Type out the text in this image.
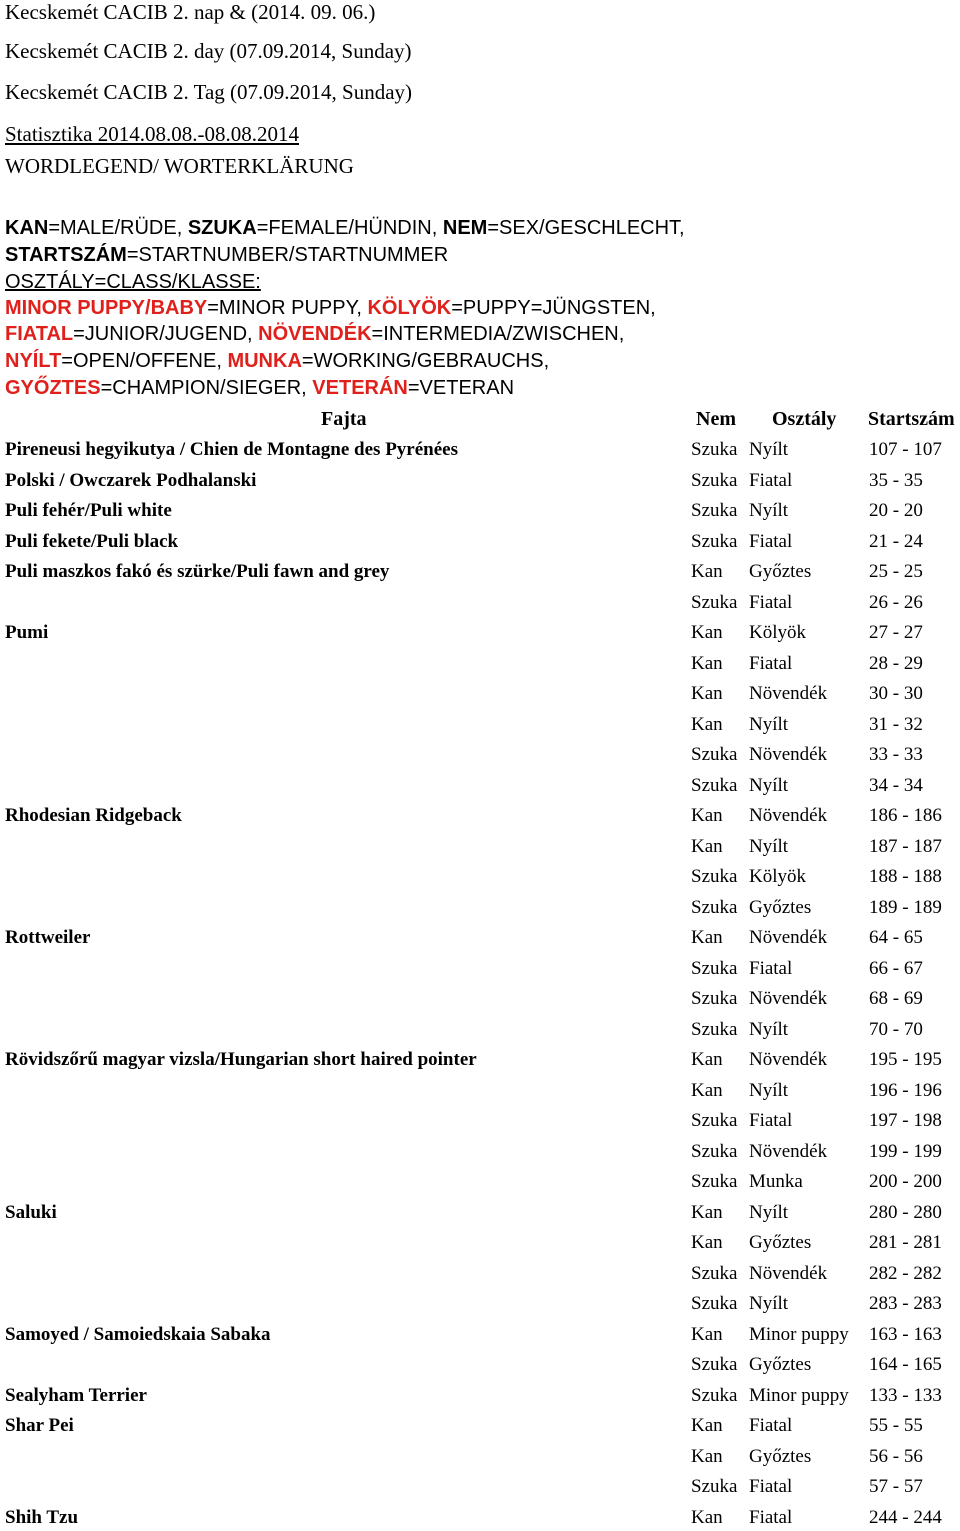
Kecskemét CACIB 2. nap & (2014. 09. 06.)
Kecskemét CACIB 2. day (07.09.2014, Sunday)
Kecskemét CACIB 2. Tag (07.09.2014, Sunday)
Statisztika 2014.08.08.-08.08.2014
WORDLEGEND/ WORTERKLÄRUNG
KAN=MALE/RÜDE, SZUKA=FEMALE/HÜNDIN, NEM=SEX/GESCHLECHT,
STARTSZÁM=STARTNUMBER/STARTNUMMER
OSZTÁLY=CLASS/KLASSE:
MINOR PUPPY/BABY=MINOR PUPPY, KÖLYÖK=PUPPY=JÜNGSTEN,
FIATAL=JUNIOR/JUGEND, NÖVENDÉK=INTERMEDIA/ZWISCHEN,
NYÍLT=OPEN/OFFENE, MUNKA=WORKING/GEBRAUCHS,
GYŐZTES=CHAMPION/SIEGER, VETERÁN=VETERAN
Fajta	Nem Osztály Startszám
Pireneusi hegyikutya / Chien de Montagne des Pyrénées	Szuka Nyílt	107 - 107
Polski / Owczarek Podhalanski	Szuka Fiatal	35 - 35
Puli fehér/Puli white	Szuka Nyílt	20 - 20
Puli fekete/Puli black	Szuka Fiatal	21 - 24
Puli maszkos fakó és szürke/Puli fawn and grey	Kan Győztes	25 - 25
Szuka Fiatal	26 - 26
Pumi	Kan Kölyök	27 - 27
Kan Fiatal	28 - 29
Kan Növendék 30 - 30
Kan Nyílt	31 - 32
Szuka Növendék 33 - 33
Szuka Nyílt	34 - 34
Rhodesian Ridgeback	Kan Növendék 186 - 186
Kan Nyílt	187 - 187
Szuka Kölyök	188 - 188
Szuka Győztes	189 - 189
Rottweiler	Kan Növendék 64 - 65
Szuka Fiatal	66 - 67
Szuka Növendék 68 - 69
Szuka Nyílt	70 - 70
Rövidszőrű magyar vizsla/Hungarian short haired pointer	Kan Növendék 195 - 195
Kan Nyílt	196 - 196
Szuka Fiatal	197 - 198
Szuka Növendék 199 - 199
Szuka Munka	200 - 200
Saluki	Kan Nyílt	280 - 280
Kan Győztes	281 - 281
Szuka Növendék 282 - 282
Szuka Nyílt	283 - 283
Samoyed / Samoiedskaia Sabaka	Kan Minor puppy 163 - 163
Szuka Győztes	164 - 165
Sealyham Terrier	Szuka Minor puppy 133 - 133
Shar Pei	Kan Fiatal	55 - 55
Kan Győztes	56 - 56
Szuka Fiatal	57 - 57
Shih Tzu	Kan Fiatal	244 - 244
